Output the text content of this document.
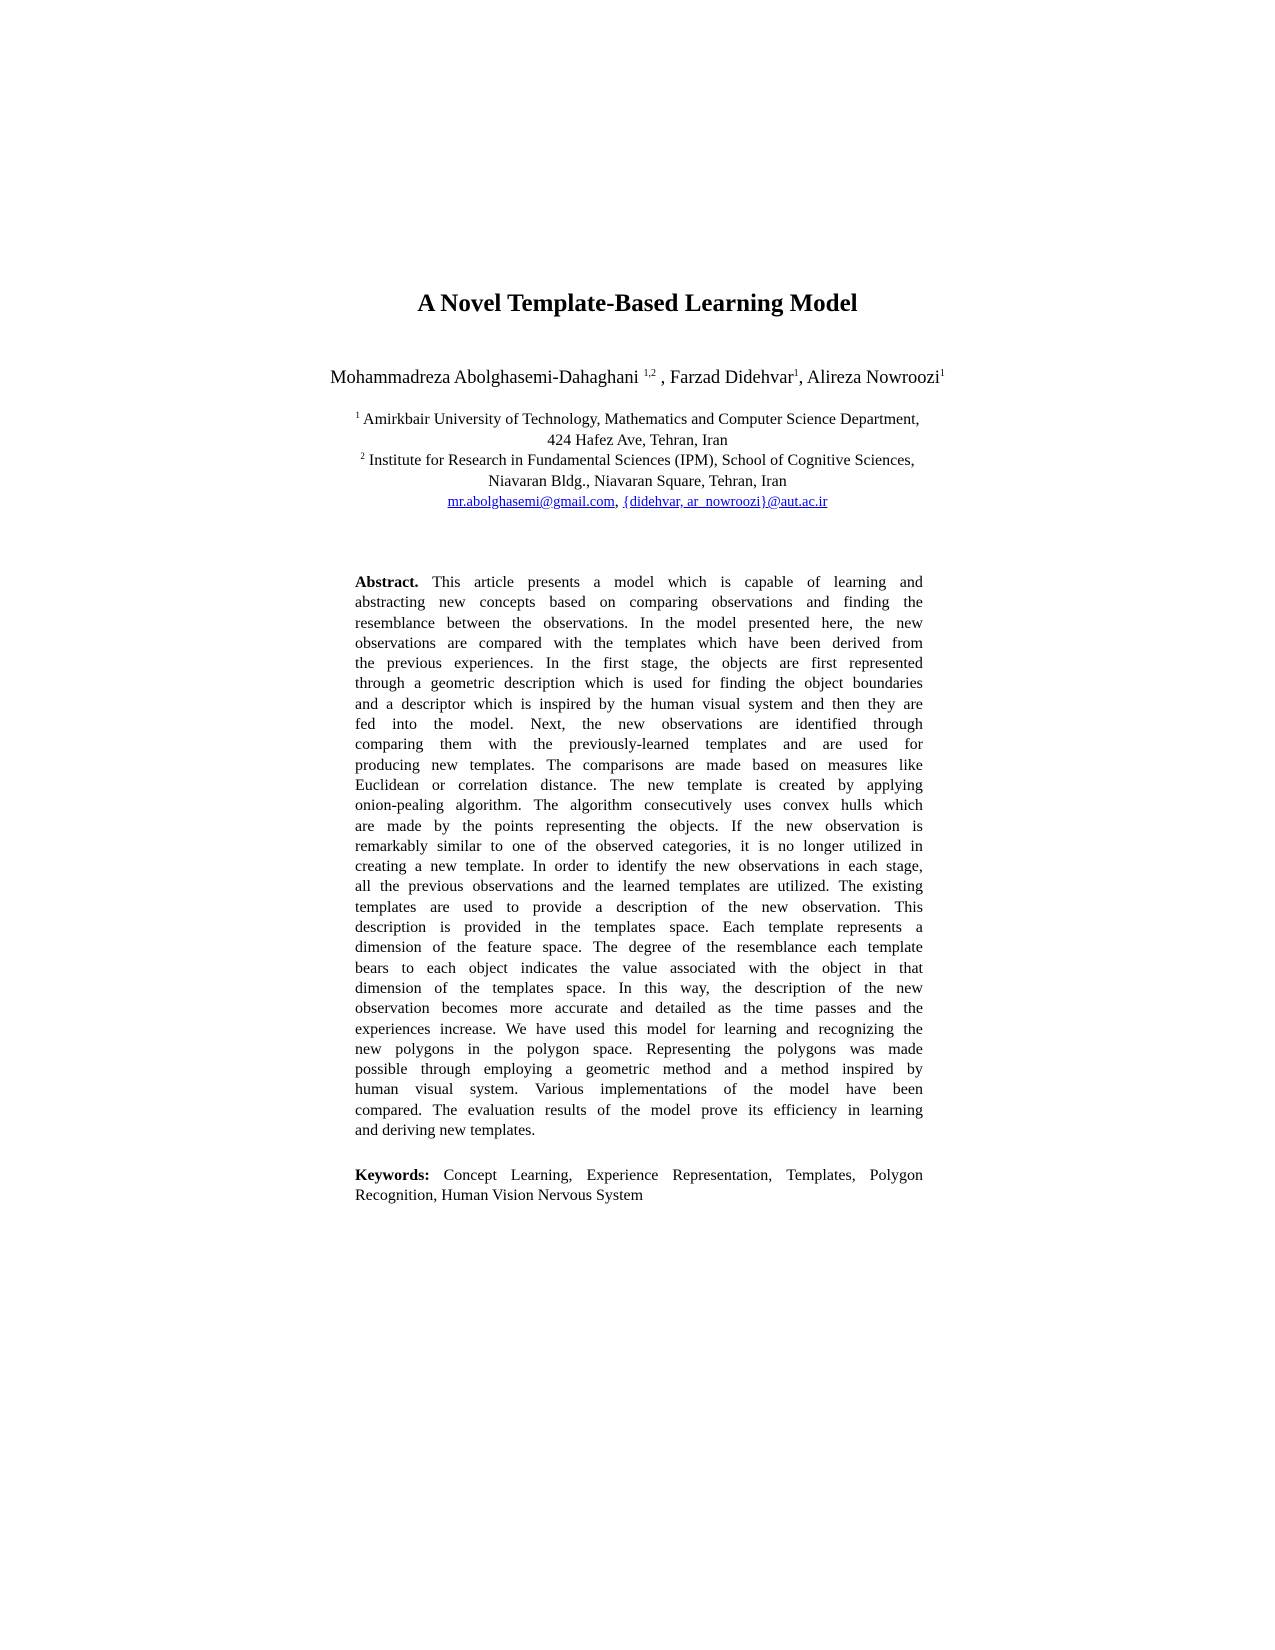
A Novel Template-Based Learning Model
Mohammadreza Abolghasemi-Dahaghani $^{1,2}$ , Farzad Didehvar$^1$, Alireza Nowroozi$^1$
$^1$ Amirkbair University of Technology, Mathematics and Computer Science Department,
424 Hafez Ave, Tehran, Iran
$^2$ Institute for Research in Fundamental Sciences (IPM), School of Cognitive Sciences,
Niavaran Bldg., Niavaran Square, Tehran, Iran
mr.abolghasemi@gmail.com, {didehvar, ar_nowroozi}@aut.ac.ir
Abstract. This article presents a model which is capable of learning and
abstracting new concepts based on comparing observations and finding the
resemblance between the observations. In the model presented here, the new
observations are compared with the templates which have been derived from
the previous experiences. In the first stage, the objects are first represented
through a geometric description which is used for finding the object boundaries
and a descriptor which is inspired by the human visual system and then they are
fed into the model. Next, the new observations are identified through
comparing them with the previously-learned templates and are used for
producing new templates. The comparisons are made based on measures like
Euclidean or correlation distance. The new template is created by applying
onion-pealing algorithm. The algorithm consecutively uses convex hulls which
are made by the points representing the objects. If the new observation is
remarkably similar to one of the observed categories, it is no longer utilized in
creating a new template. In order to identify the new observations in each stage,
all the previous observations and the learned templates are utilized. The existing
templates are used to provide a description of the new observation. This
description is provided in the templates space. Each template represents a
dimension of the feature space. The degree of the resemblance each template
bears to each object indicates the value associated with the object in that
dimension of the templates space. In this way, the description of the new
observation becomes more accurate and detailed as the time passes and the
experiences increase. We have used this model for learning and recognizing the
new polygons in the polygon space. Representing the polygons was made
possible through employing a geometric method and a method inspired by
human visual system. Various implementations of the model have been
compared. The evaluation results of the model prove its efficiency in learning
and deriving new templates.
Keywords: Concept Learning, Experience Representation, Templates, Polygon
Recognition, Human Vision Nervous System
